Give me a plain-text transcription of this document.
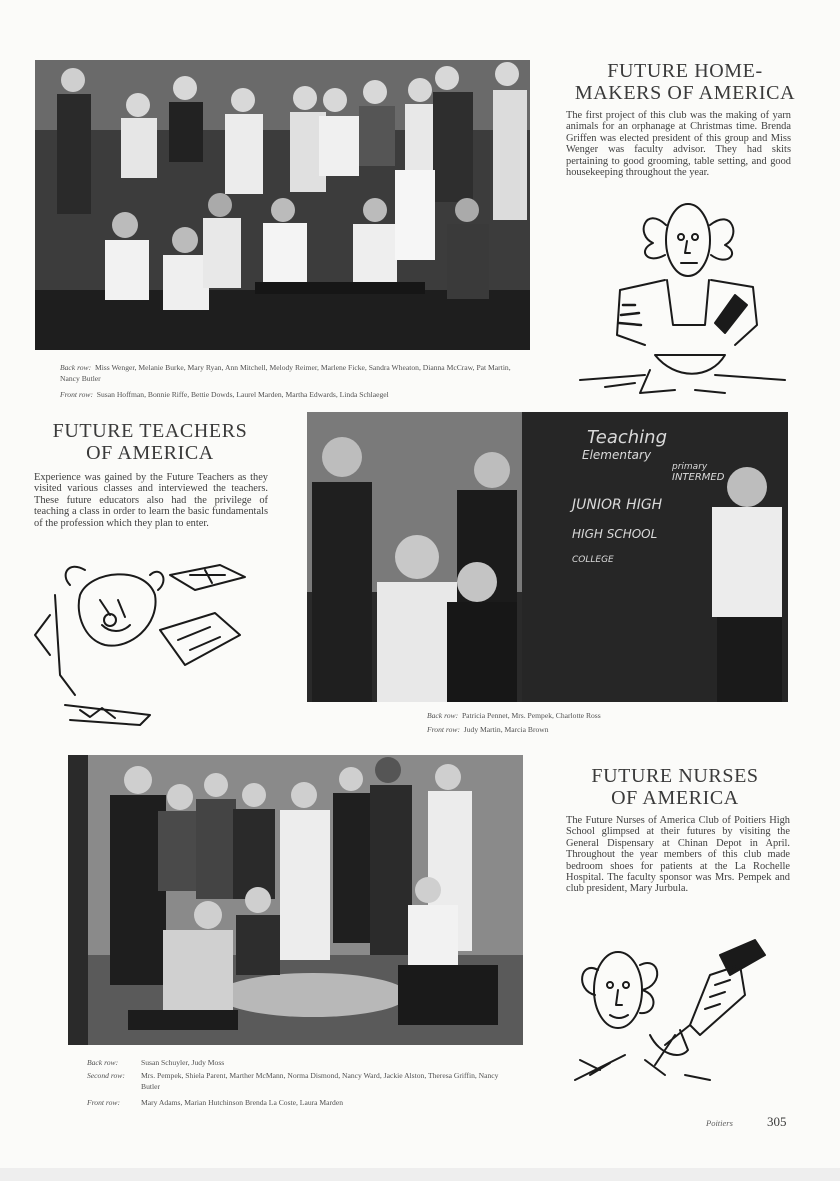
Back row: Miss Wenger, Melanie Burke, Mary Ryan, Ann Mitchell, Melody Reimer, Marlene Ficke, Sandra Wheaton, Dianna McCraw, Pat Martin, Nancy Butler
Front row: Susan Hoffman, Bonnie Riffe, Bettie Dowds, Laurel Marden, Martha Edwards, Linda Schlaegel
FUTURE HOME-
MAKERS OF AMERICA
The first project of this club was the making of yarn animals for an orphanage at Christmas time. Brenda Griffen was elected president of this group and Miss Wenger was faculty advisor. They had skits pertaining to good grooming, table setting, and good housekeeping throughout the year.
FUTURE TEACHERS
OF AMERICA
Experience was gained by the Future Teachers as they visited various classes and interviewed the teachers. These future educators also had the privilege of teaching a class in order to learn the basic fundamentals of the profession which they plan to enter.
Teaching
Elementary
primary
INTERMED
JUNIOR HIGH
HIGH SCHOOL
COLLEGE
Back row: Patricia Pennet, Mrs. Pempek, Charlotte Ross
Front row: Judy Martin, Marcia Brown
FUTURE NURSES
OF AMERICA
The Future Nurses of America Club of Poitiers High School glimpsed at their futures by visiting the General Dispensary at Chinan Depot in April. Throughout the year members of this club made bedroom shoes for patients at the La Rochelle Hospital. The faculty sponsor was Mrs. Pempek and club president, Mary Jurbula.
Back row:	Susan Schuyler, Judy Moss
Second row:	Mrs. Pempek, Shiela Parent, Marther McMann, Norma Dismond, Nancy Ward, Jackie Alston, Theresa Griffin, Nancy Butler
Front row:	Mary Adams, Marian Hutchinson Brenda La Coste, Laura Marden
Poitiers	305
